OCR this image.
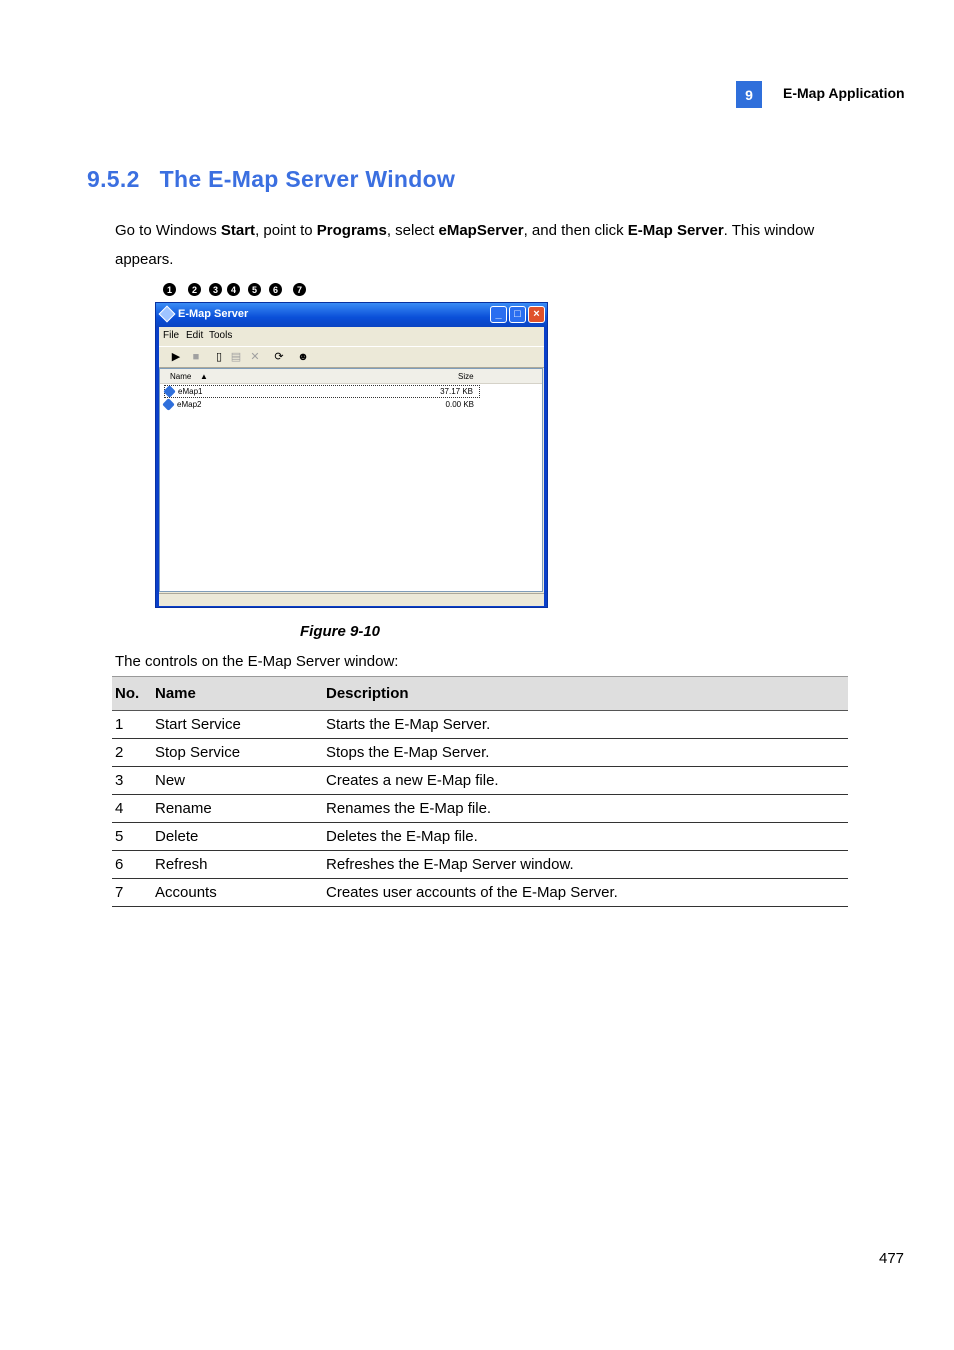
9	E-Map Application
9.5.2 The E-Map Server Window

Go to Windows Start, point to Programs, select eMapServer, and then click E-Map Server. This window appears.

1	2	3	4	5	6	7
E-Map Server	_	□	×
File Edit Tools
▶	■	▯ ▤ ✕ ⟳ ☻
Name ▲	Size
eMap1	37.17 KB
eMap2	0.00 KB
Figure 9-10

The controls on the E-Map Server window:

No.	Name	Description
1	Start Service	Starts the E-Map Server.
2	Stop Service	Stops the E-Map Server.
3	New	Creates a new E-Map file.
4	Rename	Renames the E-Map file.
5	Delete	Deletes the E-Map file.
6	Refresh	Refreshes the E-Map Server window.
7	Accounts	Creates user accounts of the E-Map Server.
477
